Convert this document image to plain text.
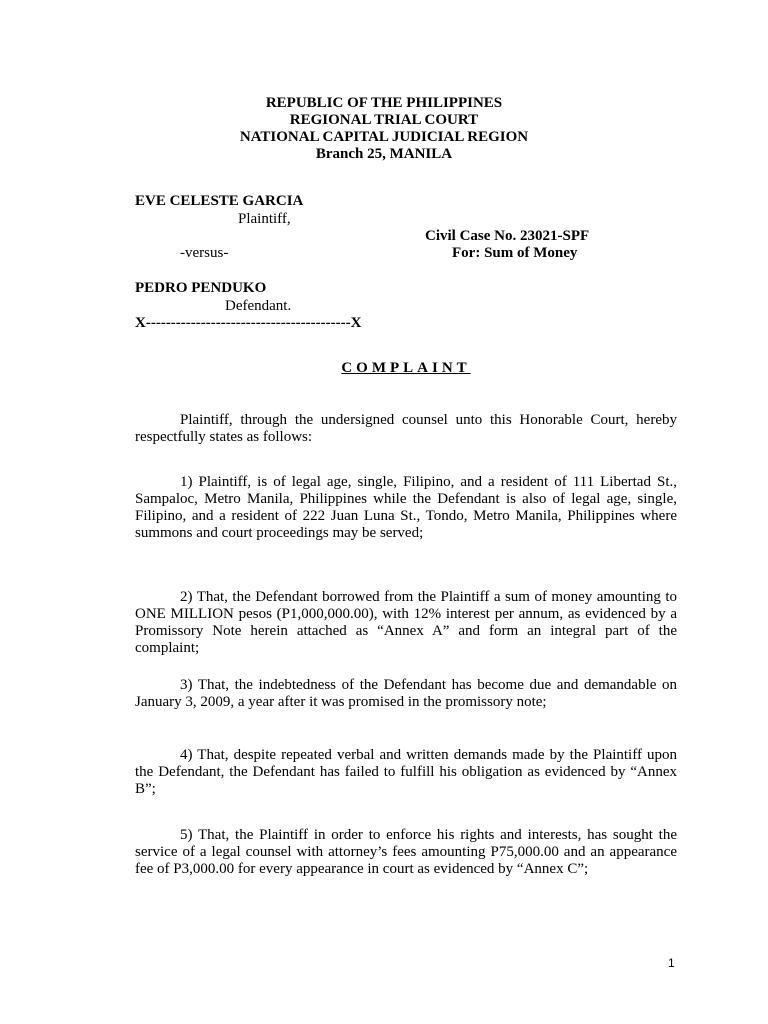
REPUBLIC OF THE PHILIPPINES
REGIONAL TRIAL COURT
NATIONAL CAPITAL JUDICIAL REGION
Branch 25, MANILA
EVE CELESTE GARCIA
Plaintiff,
Civil Case No. 23021-SPF
-versus-	For: Sum of Money
PEDRO PENDUKO
Defendant.
X-----------------------------------------X
COMPLAINT
Plaintiff, through the undersigned counsel unto this Honorable Court, hereby respectfully states as follows:
1) Plaintiff, is of legal age, single, Filipino, and a resident of 111 Libertad St., Sampaloc, Metro Manila, Philippines while the Defendant is also of legal age, single, Filipino, and a resident of 222 Juan Luna St., Tondo, Metro Manila, Philippines where summons and court proceedings may be served;
2) That, the Defendant borrowed from the Plaintiff a sum of money amounting to ONE MILLION pesos (P1,000,000.00), with 12% interest per annum, as evidenced by a Promissory Note herein attached as “Annex A” and form an integral part of the complaint;
3) That, the indebtedness of the Defendant has become due and demandable on January 3, 2009, a year after it was promised in the promissory note;
4) That, despite repeated verbal and written demands made by the Plaintiff upon the Defendant, the Defendant has failed to fulfill his obligation as evidenced by “Annex B”;
5) That, the Plaintiff in order to enforce his rights and interests, has sought the service of a legal counsel with attorney’s fees amounting P75,000.00 and an appearance fee of P3,000.00 for every appearance in court as evidenced by “Annex C”;
1
